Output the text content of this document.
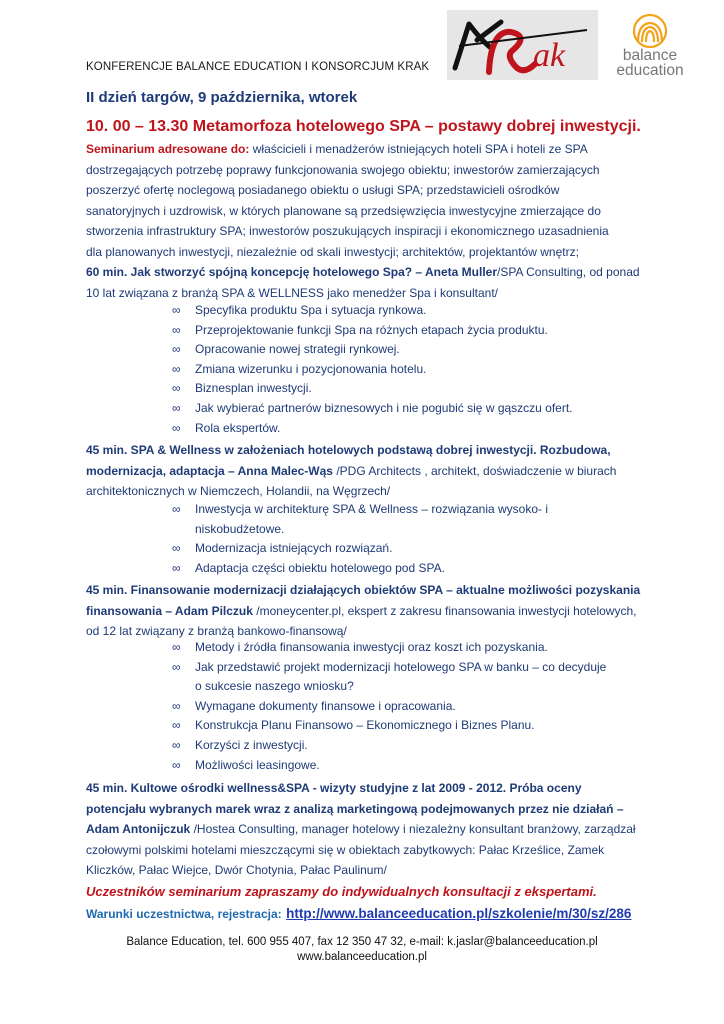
KONFERENCJE BALANCE EDUCATION I KONSORCJUM KRAK	ak	balance
education
II dzień targów, 9 października, wtorek
10. 00 – 13.30 Metamorfoza hotelowego SPA – postawy dobrej inwestycji.
Seminarium adresowane do: właścicieli i menadżerów istniejących hoteli SPA i hoteli ze SPA
dostrzegających potrzebę poprawy funkcjonowania swojego obiektu; inwestorów zamierzających
poszerzyć ofertę noclegową posiadanego obiektu o usługi SPA; przedstawicieli ośrodków
sanatoryjnych i uzdrowisk, w których planowane są przedsięwzięcia inwestycyjne zmierzające do
stworzenia infrastruktury SPA; inwestorów poszukujących inspiracji i ekonomicznego uzasadnienia
dla planowanych inwestycji, niezależnie od skali inwestycji; architektów, projektantów wnętrz;
60 min. Jak stworzyć spójną koncepcję hotelowego Spa? – Aneta Muller/SPA Consulting, od ponad 10 lat związana z branżą SPA & WELLNESS jako menedżer Spa i konsultant/
∞ Specyfika produktu Spa i sytuacja rynkowa.
∞ Przeprojektowanie funkcji Spa na różnych etapach życia produktu.
∞ Opracowanie nowej strategii rynkowej.
∞ Zmiana wizerunku i pozycjonowania hotelu.
∞ Biznesplan inwestycji.
∞ Jak wybierać partnerów biznesowych i nie pogubić się w gąszczu ofert.
∞ Rola ekspertów.
45 min. SPA & Wellness w założeniach hotelowych podstawą dobrej inwestycji. Rozbudowa, modernizacja, adaptacja – Anna Malec-Wąs /PDG Architects , architekt, doświadczenie w biurach architektonicznych w Niemczech, Holandii, na Węgrzech/
∞ Inwestycja w architekturę SPA & Wellness – rozwiązania wysoko- i niskobudżetowe.
∞ Modernizacja istniejących rozwiązań.
∞ Adaptacja części obiektu hotelowego pod SPA.
45 min. Finansowanie modernizacji działających obiektów SPA – aktualne możliwości pozyskania finansowania – Adam Pilczuk /moneycenter.pl, ekspert z zakresu finansowania inwestycji hotelowych, od 12 lat związany z branżą bankowo-finansową/
∞ Metody i źródła finansowania inwestycji oraz koszt ich pozyskania.
∞ Jak przedstawić projekt modernizacji hotelowego SPA w banku – co decyduje o sukcesie naszego wniosku?
∞ Wymagane dokumenty finansowe i opracowania.
∞ Konstrukcja Planu Finansowo – Ekonomicznego i Biznes Planu.
∞ Korzyści z inwestycji.
∞ Możliwości leasingowe.
45 min. Kultowe ośrodki wellness&SPA - wizyty studyjne z lat 2009 - 2012. Próba oceny potencjału wybranych marek wraz z analizą marketingową podejmowanych przez nie działań – Adam Antonijczuk /Hostea Consulting, manager hotelowy i niezależny konsultant branżowy, zarządzał czołowymi polskimi hotelami mieszczącymi się w obiektach zabytkowych: Pałac Krześlice, Zamek Kliczków, Pałac Wiejce, Dwór Chotynia, Pałac Paulinum/
Uczestników seminarium zapraszamy do indywidualnych konsultacji z ekspertami.
Warunki uczestnictwa, rejestracja: http://www.balanceeducation.pl/szkolenie/m/30/sz/286
Balance Education, tel. 600 955 407, fax 12 350 47 32, e-mail: k.jaslar@balanceeducation.pl
www.balanceeducation.pl
